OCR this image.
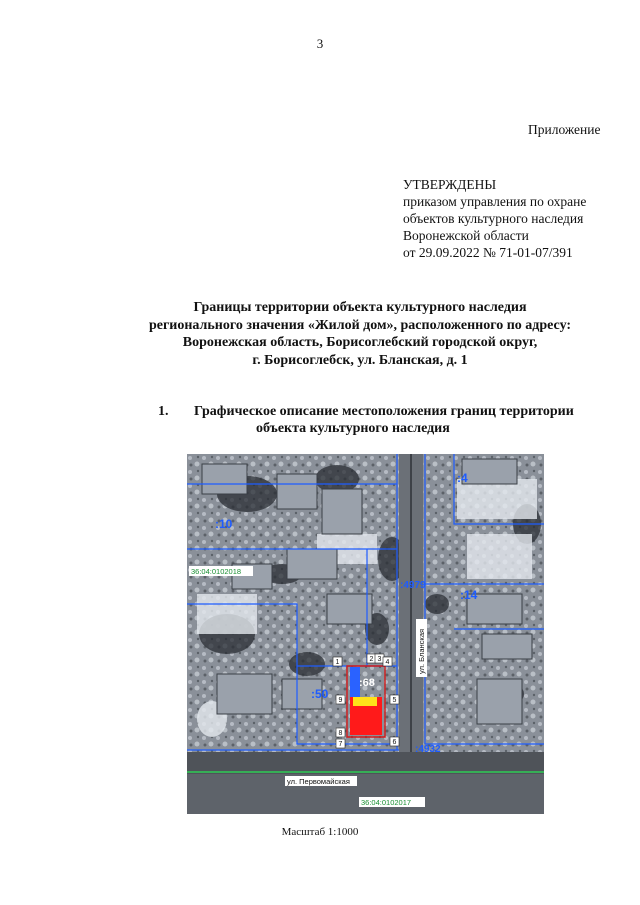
3
Приложение
УТВЕРЖДЕНЫ
приказом управления по охране
объектов культурного наследия
Воронежской области
от 29.09.2022 № 71-01-07/391
Границы территории объекта культурного наследия
регионального значения «Жилой дом», расположенного по адресу:
Воронежская область, Борисоглебский городской округ,
г. Борисоглебск, ул. Бланская, д. 1
1. Графическое описание местоположения границ территории
объекта культурного наследия
1	2 3 4
5
6
7
8
9
:10
:50
:14
:4
:68
:4979
:4932
36:04:0102018
36:04:0102017
ул. Бланская
ул. Первомайская
Масштаб 1:1000
